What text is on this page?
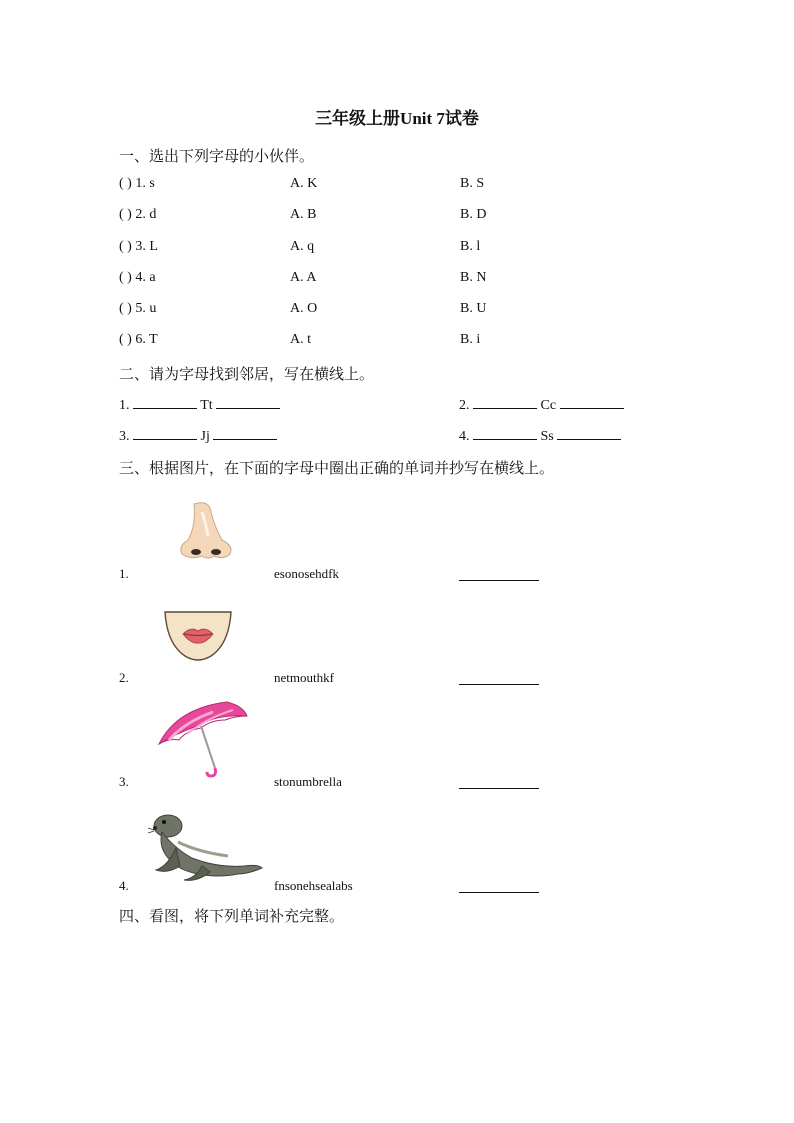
三年级上册Unit 7试卷
一、选出下列字母的小伙伴。
( ) 1. s	A. K	B. S
( ) 2. d	A. B	B. D
( ) 3. L	A. q	B. l
( ) 4. a	A. A	B. N
( ) 5. u	A. O	B. U
( ) 6. T	A. t	B. i
二、请为字母找到邻居，写在横线上。
1.	Tt	2.	Cc
3.	Jj	4.	Ss
三、根据图片，在下面的字母中圈出正确的单词并抄写在横线上。
1.	esonosehdfk
2.	netmouthkf
3.	stonumbrella
4.	fnsonehsealabs
四、看图，将下列单词补充完整。
